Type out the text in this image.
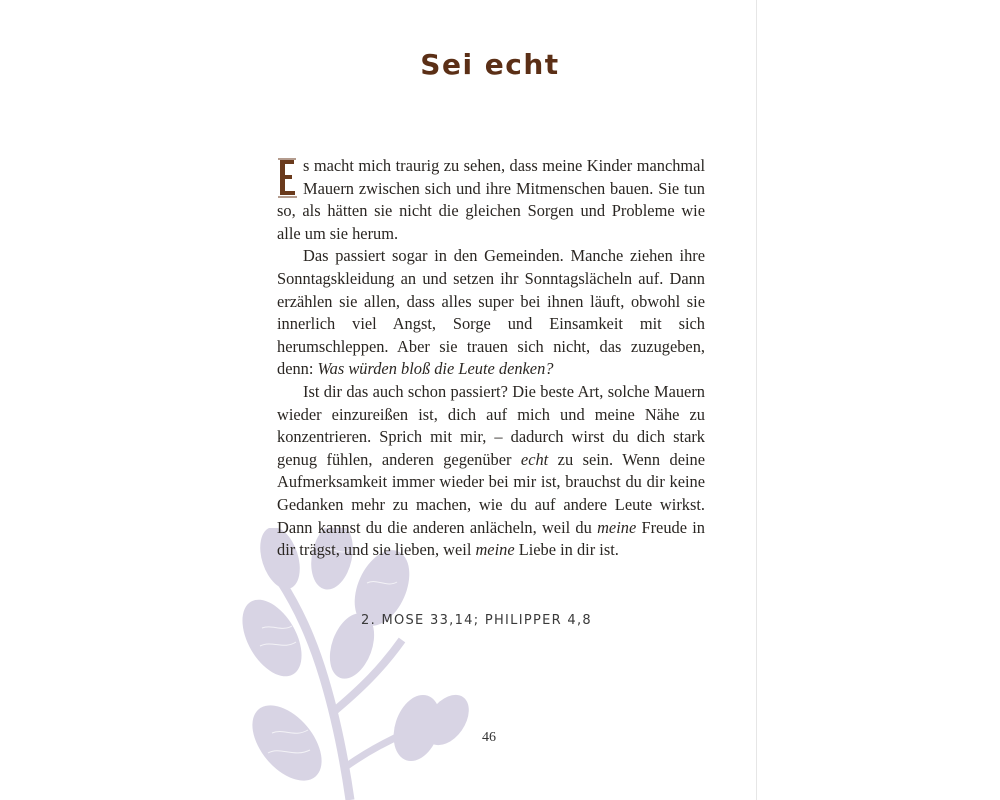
Sei echt
E

s macht mich traurig zu sehen, dass meine Kinder manchmal Mauern zwischen sich und ihre Mitmenschen bauen. Sie tun so, als hätten sie nicht die gleichen Sorgen und Probleme wie alle um sie herum.

Das passiert sogar in den Gemeinden. Manche ziehen ihre Sonntagskleidung an und setzen ihr Sonntagslächeln auf. Dann erzählen sie allen, dass alles super bei ihnen läuft, obwohl sie innerlich viel Angst, Sorge und Einsamkeit mit sich herumschleppen. Aber sie trauen sich nicht, das zuzugeben, denn: Was würden bloß die Leute denken?

Ist dir das auch schon passiert? Die beste Art, solche Mauern wieder einzureißen ist, dich auf mich und meine Nähe zu konzentrieren. Sprich mit mir, – dadurch wirst du dich stark genug fühlen, anderen gegenüber echt zu sein. Wenn deine Aufmerksamkeit immer wieder bei mir ist, brauchst du dir keine Gedanken mehr zu machen, wie du auf andere Leute wirkst. Dann kannst du die anderen anlächeln, weil du meine Freude in dir trägst, und sie lieben, weil meine Liebe in dir ist.

2. MOSE 33,14; PHILIPPER 4,8
46
